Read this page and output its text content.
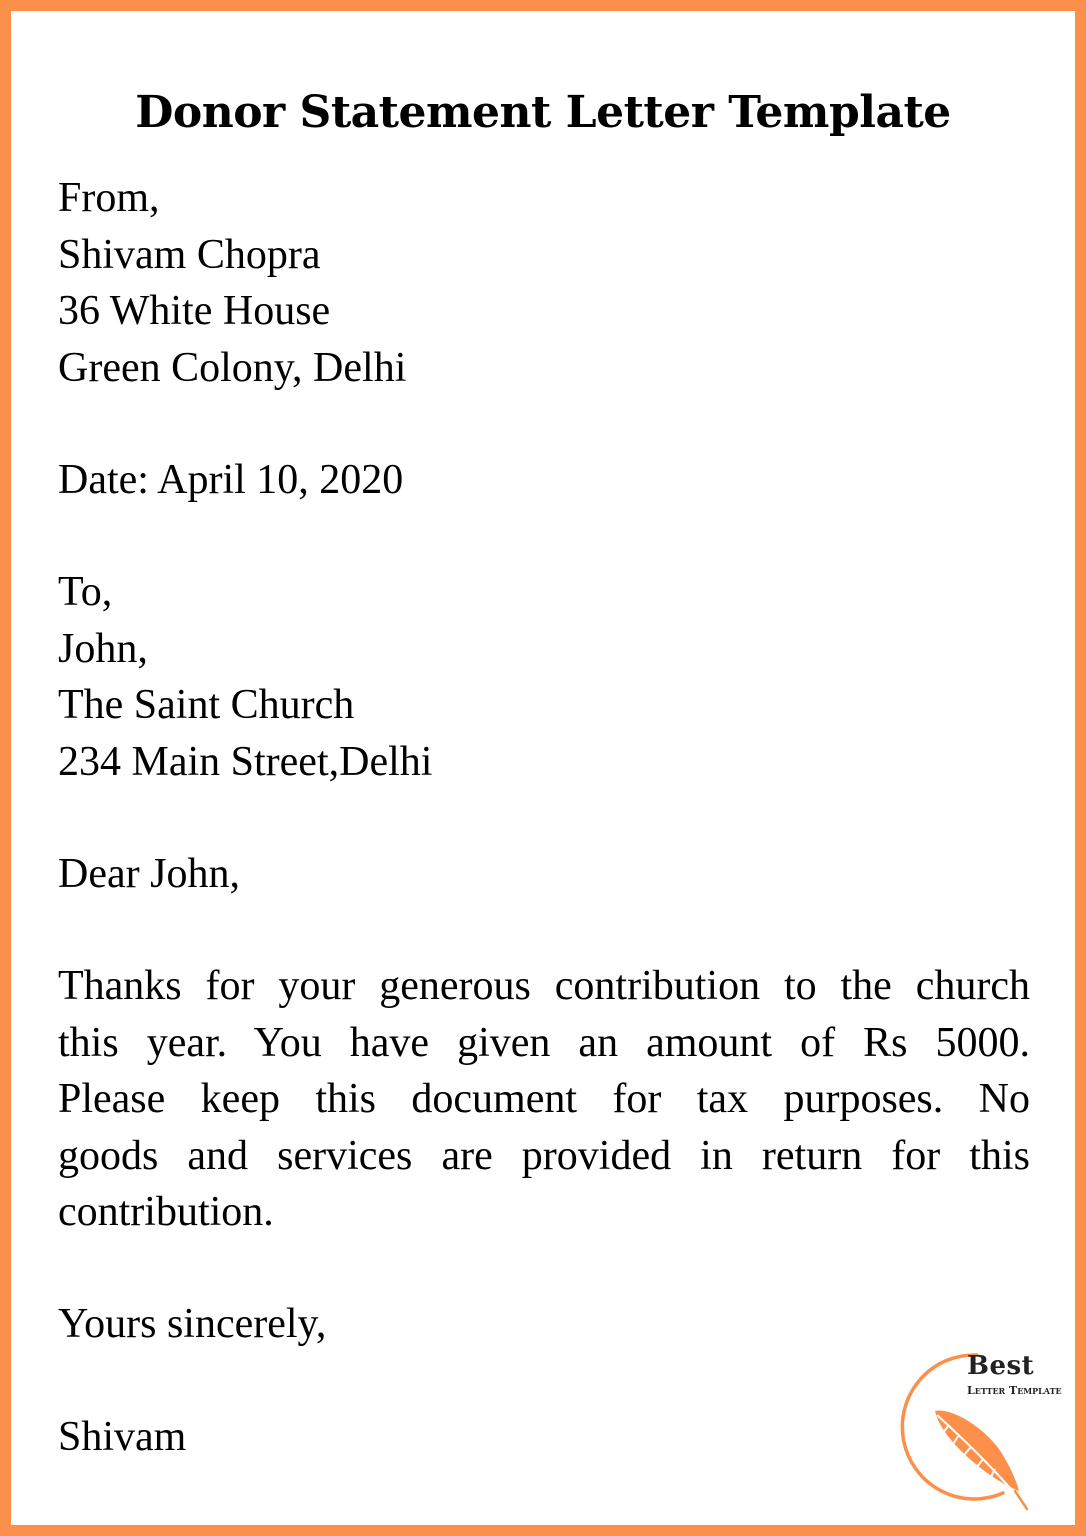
Donor Statement Letter Template
From,
Shivam Chopra
36 White House
Green Colony, Delhi
Date: April 10, 2020
To,
John,
The Saint Church
234 Main Street,Delhi
Dear John,
Thanks for your generous contribution to the church
this year. You have given an amount of Rs 5000.
Please keep this document for tax purposes. No
goods and services are provided in return for this
contribution.
Yours sincerely,
Shivam
Best
Letter Template
